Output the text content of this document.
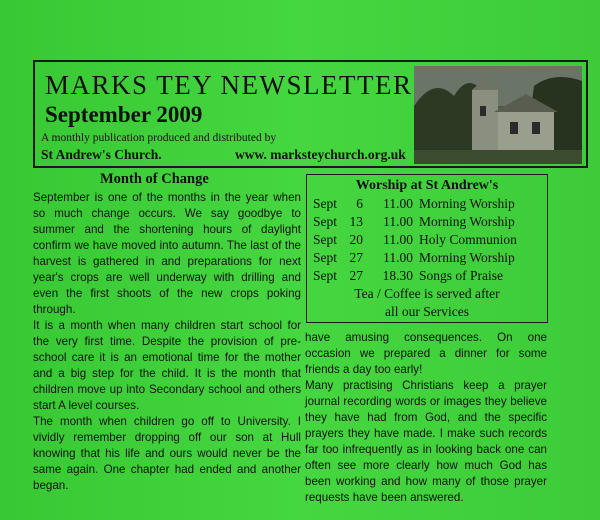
MARKS TEY NEWSLETTER
September 2009
A monthly publication produced and distributed by
St Andrew's Church.	www. marksteychurch.org.uk
Month of Change

September is one of the months in the year when so much change occurs. We say goodbye to summer and the shortening hours of daylight confirm we have moved into autumn. The last of the harvest is gathered in and preparations for next year's crops are well underway with drilling and even the first shoots of the new crops poking through.

It is a month when many children start school for the very first time. Despite the provision of pre-school care it is an emotional time for the mother and a big step for the child. It is the month that children move up into Secondary school and others start A level courses.

The month when children go off to University. I vividly remember dropping off our son at Hull knowing that his life and ours would never be the same again. One chapter had ended and another began.

Worship at St Andrew's
Sept	6	11.00 Morning Worship
Sept 13	11.00 Morning Worship
Sept 20	11.00 Holy Communion
Sept 27	11.00 Morning Worship
Sept 27	18.30 Songs of Praise
Tea / Coffee is served after
all our Services

have amusing consequences. On one occasion we prepared a dinner for some friends a day too early!

Many practising Christians keep a prayer journal recording words or images they believe they have had from God, and the specific prayers they have made. I make such records far too infrequently as in looking back one can often see more clearly how much God has been working and how many of those prayer requests have been answered.
